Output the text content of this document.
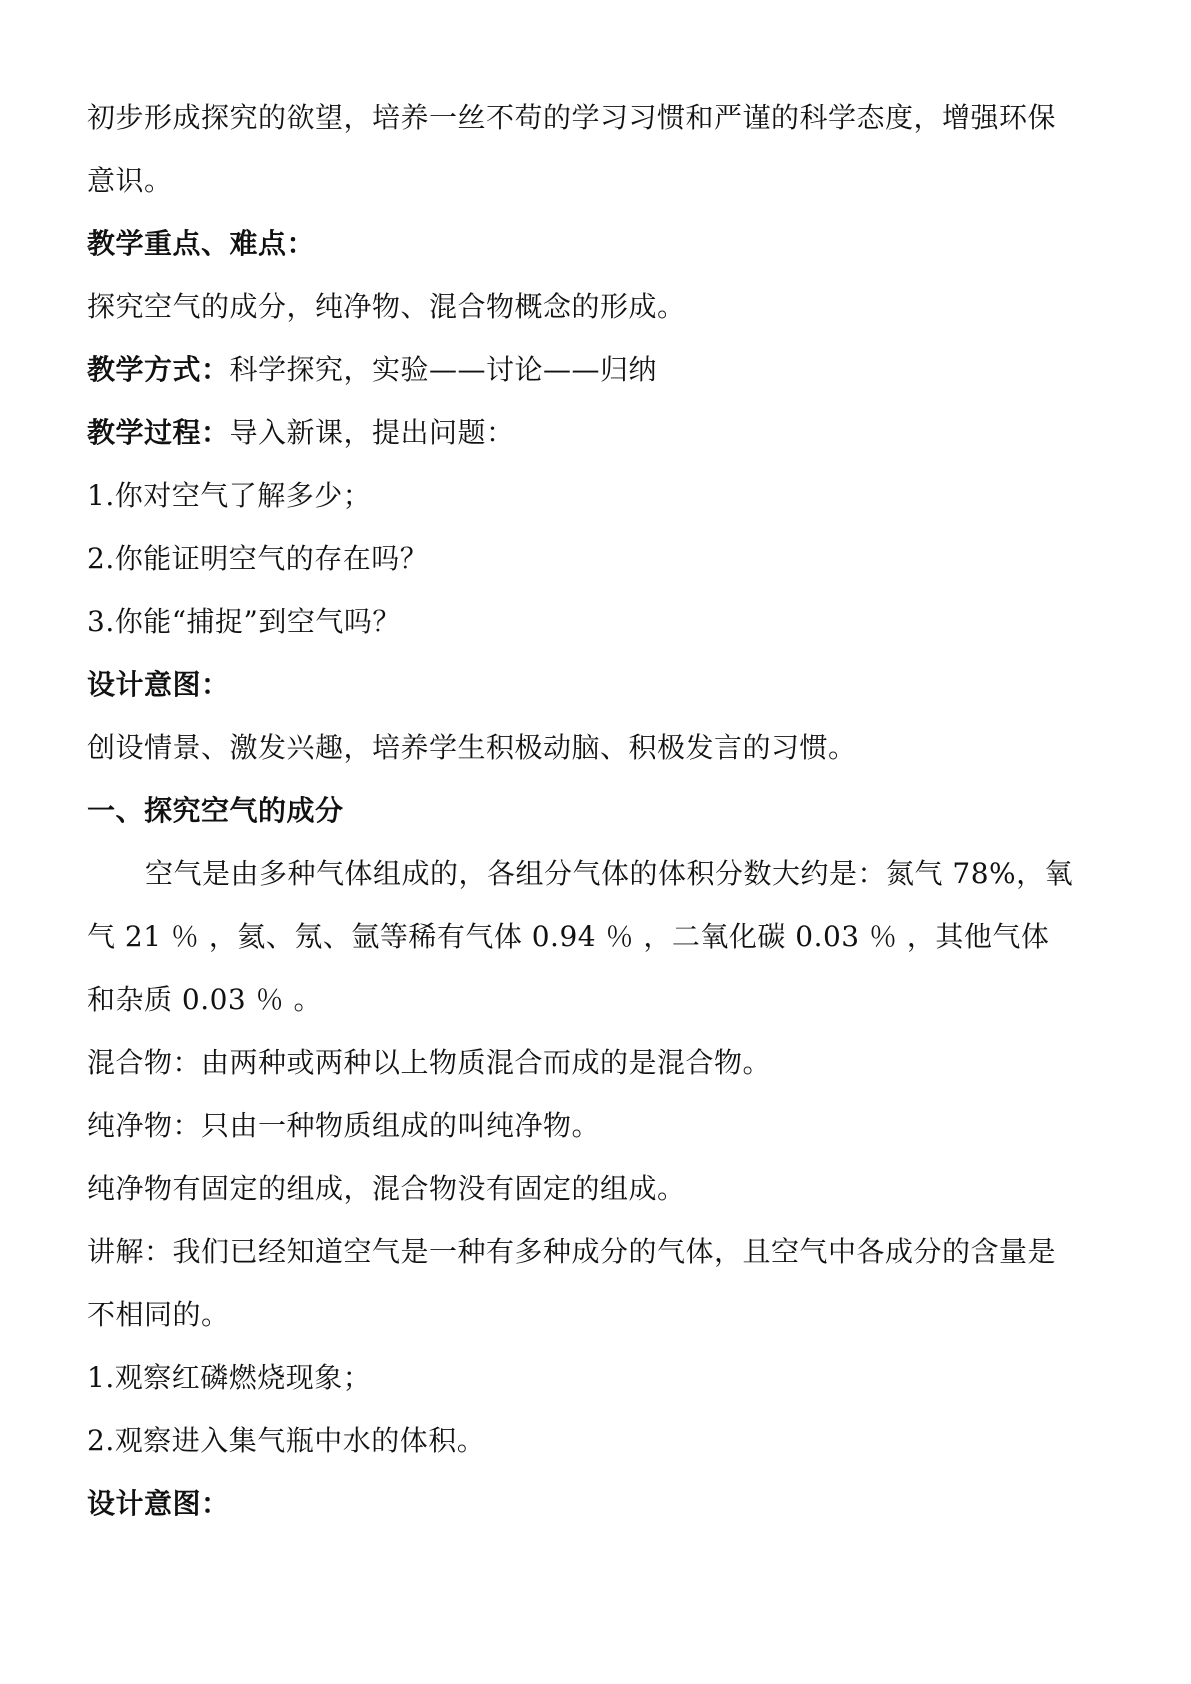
初步形成探究的欲望，培养一丝不苟的学习习惯和严谨的科学态度，增强环保
意识。
教学重点、难点：
探究空气的成分，纯净物、混合物概念的形成。
教学方式：科学探究，实验——讨论——归纳
教学过程：导入新课，提出问题：
1.你对空气了解多少；
2.你能证明空气的存在吗？
3.你能“捕捉”到空气吗？
设计意图：
创设情景、激发兴趣，培养学生积极动脑、积极发言的习惯。
一、探究空气的成分
空气是由多种气体组成的，各组分气体的体积分数大约是：氮气 78%，氧
气 21 ％ ，氦、氖、氩等稀有气体 0.94 ％ ，二氧化碳 0.03 ％ ，其他气体
和杂质 0.03 ％ 。
混合物：由两种或两种以上物质混合而成的是混合物。
纯净物：只由一种物质组成的叫纯净物。
纯净物有固定的组成，混合物没有固定的组成。
讲解：我们已经知道空气是一种有多种成分的气体，且空气中各成分的含量是
不相同的。
1.观察红磷燃烧现象；
2.观察进入集气瓶中水的体积。
设计意图：
